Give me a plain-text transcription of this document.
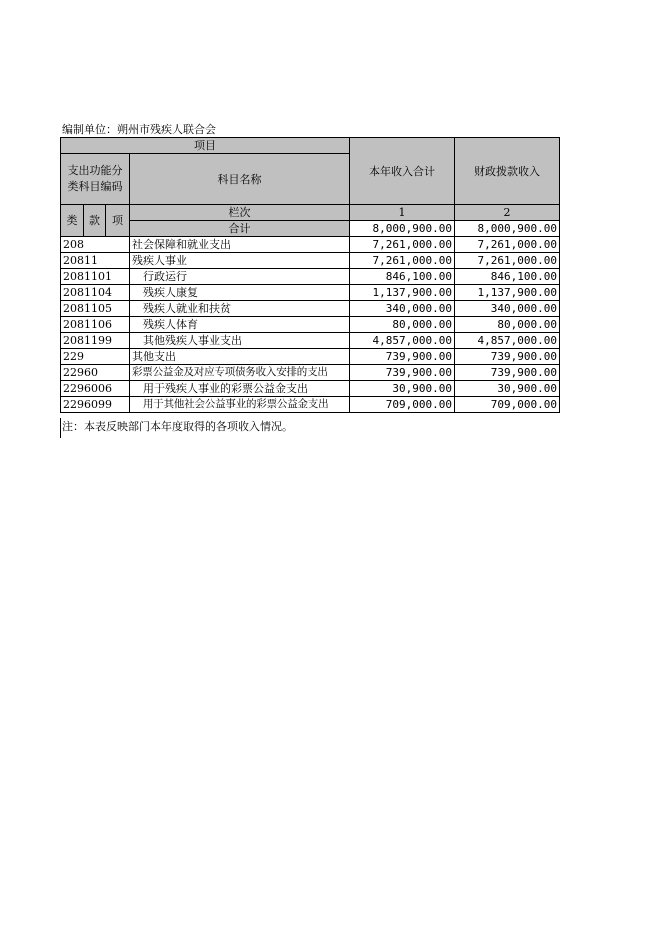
编制单位：朔州市残疾人联合会
项目				本年收入合计	财政拨款收入
支出功能分类科目编码			科目名称		

类	款	项	栏次	1	2
			合计	8,000,900.00	8,000,900.00
208			社会保障和就业支出	7,261,000.00	7,261,000.00
20811			残疾人事业	7,261,000.00	7,261,000.00
2081101			行政运行	846,100.00	846,100.00
2081104			残疾人康复	1,137,900.00	1,137,900.00
2081105			残疾人就业和扶贫	340,000.00	340,000.00
2081106			残疾人体育	80,000.00	80,000.00
2081199			其他残疾人事业支出	4,857,000.00	4,857,000.00
229			其他支出	739,900.00	739,900.00
22960			彩票公益金及对应专项债务收入安排的支出	739,900.00	739,900.00
2296006			用于残疾人事业的彩票公益金支出	30,900.00	30,900.00
2296099			用于其他社会公益事业的彩票公益金支出	709,000.00	709,000.00
注：本表反映部门本年度取得的各项收入情况。
